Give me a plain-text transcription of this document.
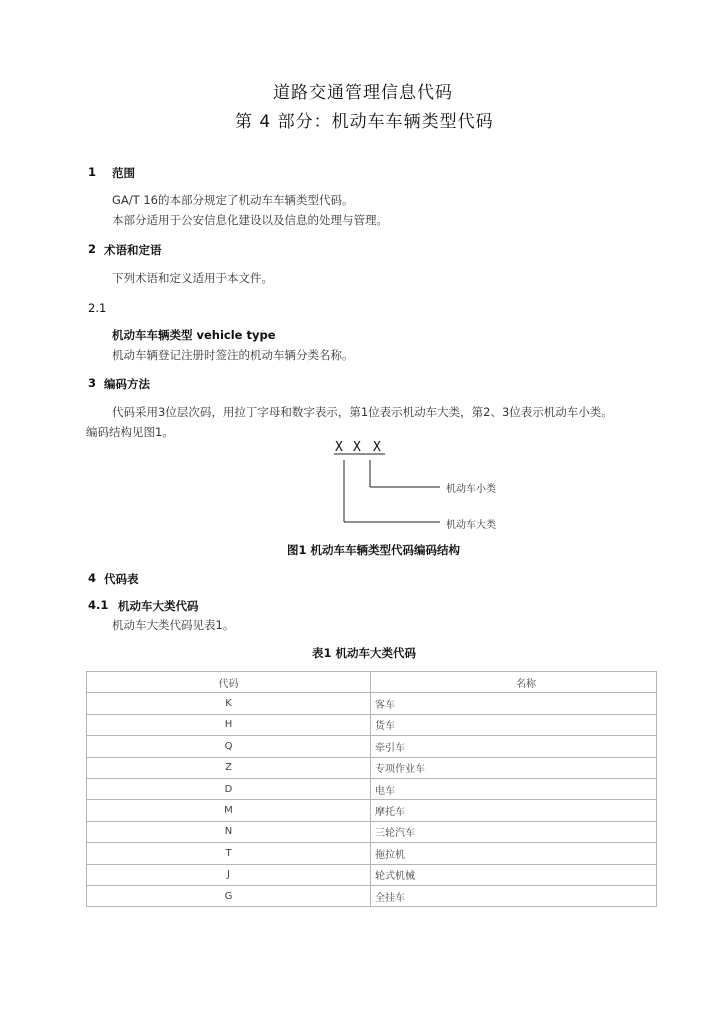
道路交通管理信息代码
第 4 部分：机动车车辆类型代码
1 范围
GA/T 16的本部分规定了机动车车辆类型代码。
本部分适用于公安信息化建设以及信息的处理与管理。
2 术语和定语
下列术语和定义适用于本文件。
2.1
机动车车辆类型 vehicle type
机动车辆登记注册时签注的机动车辆分类名称。
3 编码方法
代码采用3位层次码，用拉丁字母和数字表示，第1位表示机动车大类，第2、3位表示机动车小类。
编码结构见图1。
X X X
机动车小类
机动车大类
图1 机动车车辆类型代码编码结构
4 代码表
4.1 机动车大类代码
机动车大类代码见表1。
表1 机动车大类代码
代码	名称
K	客车
H	货车
Q	牵引车
Z	专项作业车
D	电车
M	摩托车
N	三轮汽车
T	拖拉机
J	轮式机械
G	全挂车
